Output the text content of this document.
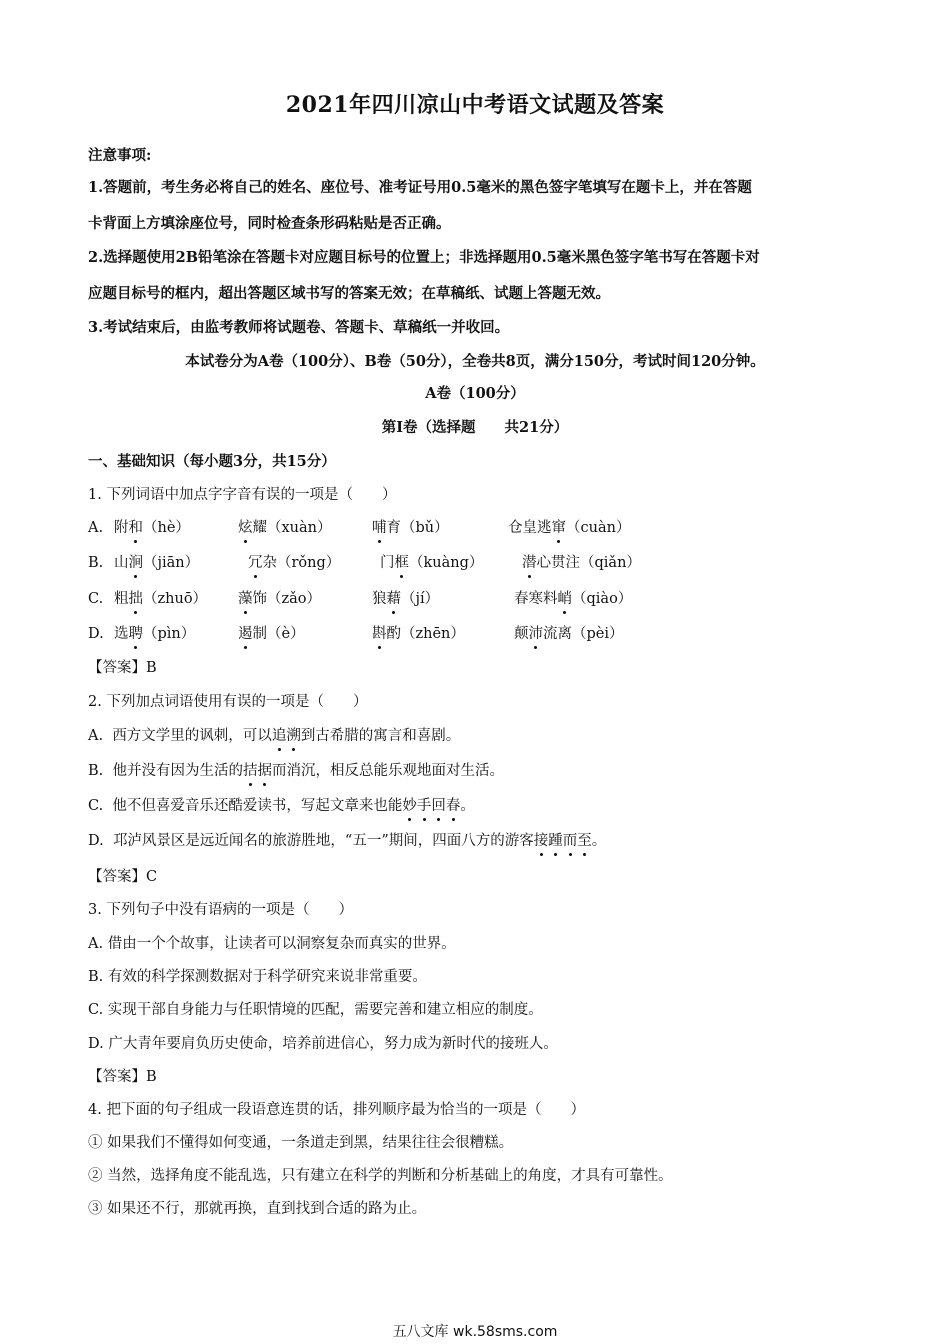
2021年四川凉山中考语文试题及答案
注意事项:
1.答题前，考生务必将自己的姓名、座位号、准考证号用0.5毫米的黑色签字笔填写在题卡上，并在答题
卡背面上方填涂座位号，同时检查条形码粘贴是否正确。
2.选择题使用2B铅笔涂在答题卡对应题目标号的位置上；非选择题用0.5毫米黑色签字笔书写在答题卡对
应题目标号的框内，超出答题区域书写的答案无效；在草稿纸、试题上答题无效。
3.考试结束后，由监考教师将试题卷、答题卡、草稿纸一并收回。
本试卷分为A卷（100分）、B卷（50分），全卷共8页，满分150分，考试时间120分钟。
A卷（100分）
第Ⅰ卷（选择题　　共21分）
一、基础知识（每小题3分，共15分）
1. 下列词语中加点字字音有误的一项是（　　）
A. 附和（hè）	炫耀（xuàn）	哺育（bǔ）	仓皇逃窜（cuàn）
B. 山涧（jiān）	冗杂（rǒng）	门框（kuàng）	潜心贯注（qiǎn）
C. 粗拙（zhuō） 藻饰（zǎo）	狼藉（jí）	春寒料峭（qiào）
D. 选聘（pìn）	遏制（è）	斟酌（zhēn）	颠沛流离（pèi）
【答案】B
2. 下列加点词语使用有误的一项是（　　）
A. 西方文学里的讽刺，可以追溯到古希腊的寓言和喜剧。
B. 他并没有因为生活的拮据而消沉，相反总能乐观地面对生活。
C. 他不但喜爱音乐还酷爱读书，写起文章来也能妙手回春。
D. 邛泸风景区是远近闻名的旅游胜地，“五一”期间，四面八方的游客接踵而至。
【答案】C
3. 下列句子中没有语病的一项是（　　）
A. 借由一个个故事，让读者可以洞察复杂而真实的世界。
B. 有效的科学探测数据对于科学研究来说非常重要。
C. 实现干部自身能力与任职情境的匹配，需要完善和建立相应的制度。
D. 广大青年要肩负历史使命，培养前进信心，努力成为新时代的接班人。
【答案】B
4. 把下面的句子组成一段语意连贯的话，排列顺序最为恰当的一项是（　　）
① 如果我们不懂得如何变通，一条道走到黑，结果往往会很糟糕。
② 当然，选择角度不能乱选，只有建立在科学的判断和分析基础上的角度，才具有可靠性。
③ 如果还不行，那就再换，直到找到合适的路为止。
五八文库 wk.58sms.com
